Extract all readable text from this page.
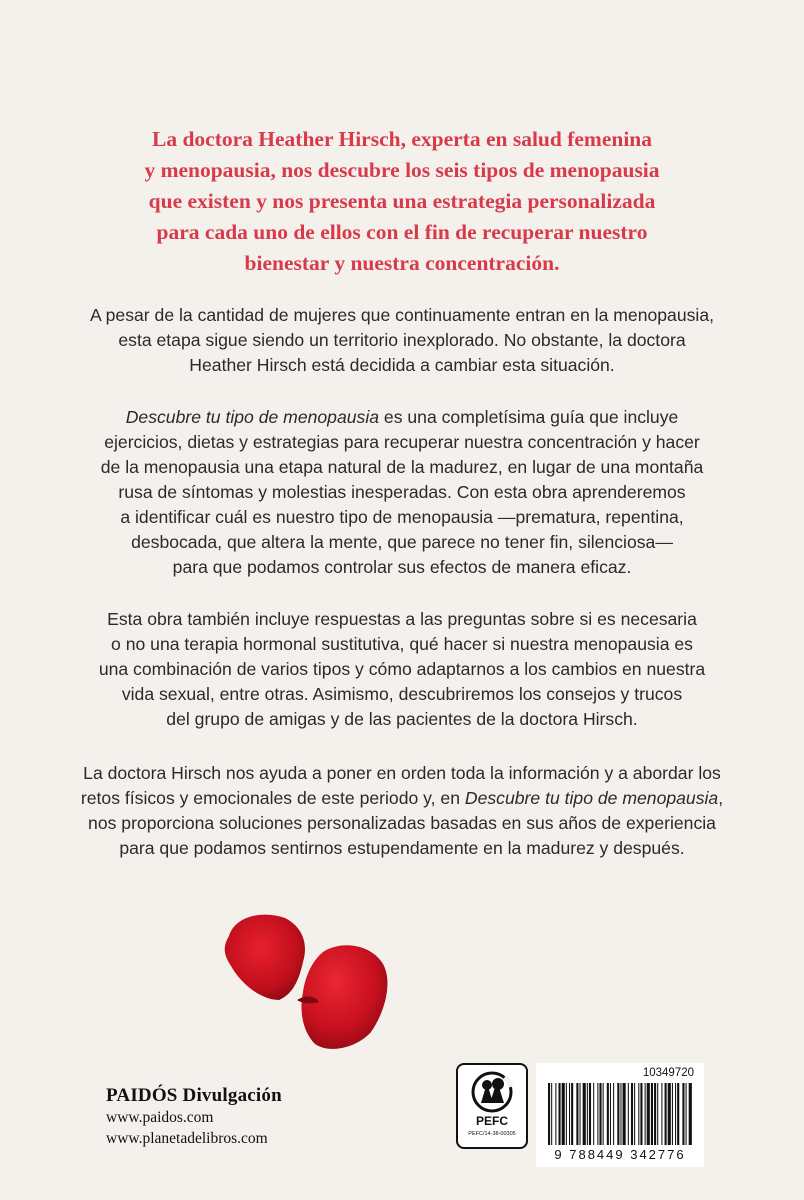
La doctora Heather Hirsch, experta en salud femenina
y menopausia, nos descubre los seis tipos de menopausia
que existen y nos presenta una estrategia personalizada
para cada uno de ellos con el fin de recuperar nuestro
bienestar y nuestra concentración.
A pesar de la cantidad de mujeres que continuamente entran en la menopausia,
esta etapa sigue siendo un territorio inexplorado. No obstante, la doctora
Heather Hirsch está decidida a cambiar esta situación.
Descubre tu tipo de menopausia es una completísima guía que incluye
ejercicios, dietas y estrategias para recuperar nuestra concentración y hacer
de la menopausia una etapa natural de la madurez, en lugar de una montaña
rusa de síntomas y molestias inesperadas. Con esta obra aprenderemos
a identificar cuál es nuestro tipo de menopausia —prematura, repentina,
desbocada, que altera la mente, que parece no tener fin, silenciosa—
para que podamos controlar sus efectos de manera eficaz.
Esta obra también incluye respuestas a las preguntas sobre si es necesaria
o no una terapia hormonal sustitutiva, qué hacer si nuestra menopausia es
una combinación de varios tipos y cómo adaptarnos a los cambios en nuestra
vida sexual, entre otras. Asimismo, descubriremos los consejos y trucos
del grupo de amigas y de las pacientes de la doctora Hirsch.
La doctora Hirsch nos ayuda a poner en orden toda la información y a abordar los
retos físicos y emocionales de este periodo y, en Descubre tu tipo de menopausia,
nos proporciona soluciones personalizadas basadas en sus años de experiencia
para que podamos sentirnos estupendamente en la madurez y después.
PAIDÓS Divulgación
www.paidos.com
www.planetadelibros.com
PEFC
PEFC/14-38-00305
10349720
9 788449 342776
